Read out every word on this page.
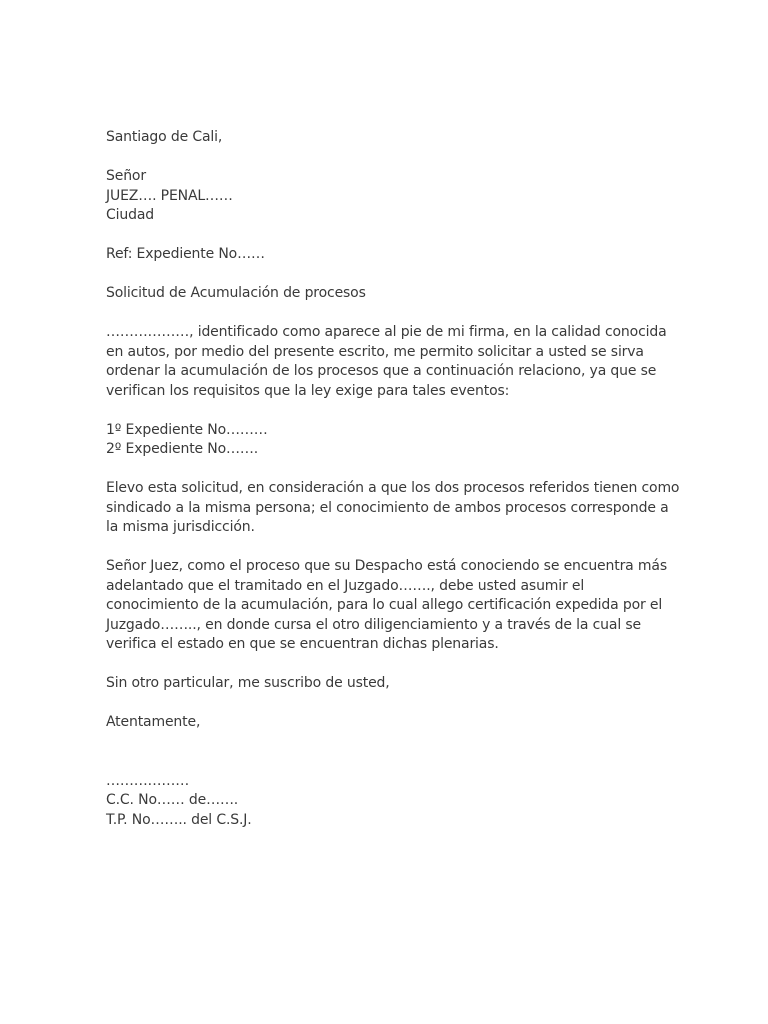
Santiago de Cali,
Señor
JUEZ…. PENAL……
Ciudad
Ref: Expediente No……
Solicitud de Acumulación de procesos
………………, identificado como aparece al pie de mi firma, en la calidad conocida
en autos, por medio del presente escrito, me permito solicitar a usted se sirva
ordenar la acumulación de los procesos que a continuación relaciono, ya que se
verifican los requisitos que la ley exige para tales eventos:
1º Expediente No………
2º Expediente No…….
Elevo esta solicitud, en consideración a que los dos procesos referidos tienen como
sindicado a la misma persona; el conocimiento de ambos procesos corresponde a
la misma jurisdicción.
Señor Juez, como el proceso que su Despacho está conociendo se encuentra más
adelantado que el tramitado en el Juzgado……., debe usted asumir el
conocimiento de la acumulación, para lo cual allego certificación expedida por el
Juzgado…….., en donde cursa el otro diligenciamiento y a través de la cual se
verifica el estado en que se encuentran dichas plenarias.
Sin otro particular, me suscribo de usted,
Atentamente,
………………
C.C. No…… de…….
T.P. No…….. del C.S.J.
